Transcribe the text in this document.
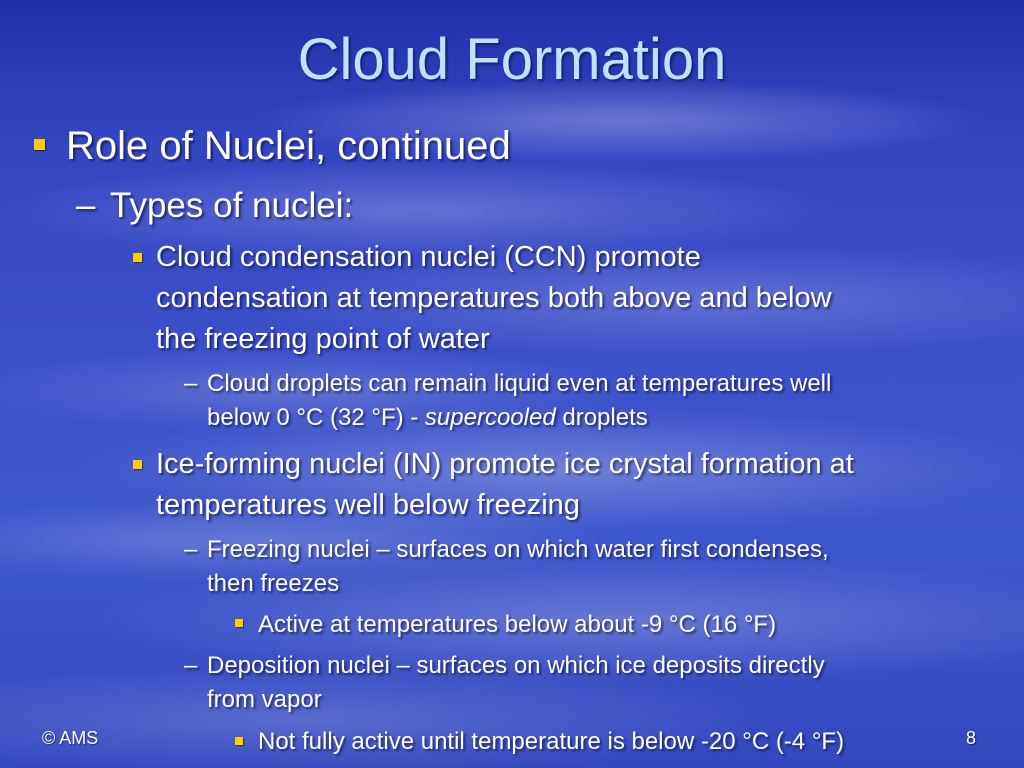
Cloud Formation
Role of Nuclei, continued
– Types of nuclei:
Cloud condensation nuclei (CCN) promote
condensation at temperatures both above and below
the freezing point of water
– Cloud droplets can remain liquid even at temperatures well
below 0 °C (32 °F) - supercooled droplets
Ice-forming nuclei (IN) promote ice crystal formation at
temperatures well below freezing
– Freezing nuclei – surfaces on which water first condenses,
then freezes
Active at temperatures below about -9 °C (16 °F)
– Deposition nuclei – surfaces on which ice deposits directly
from vapor
Not fully active until temperature is below -20 °C (-4 °F)
© AMS	8
